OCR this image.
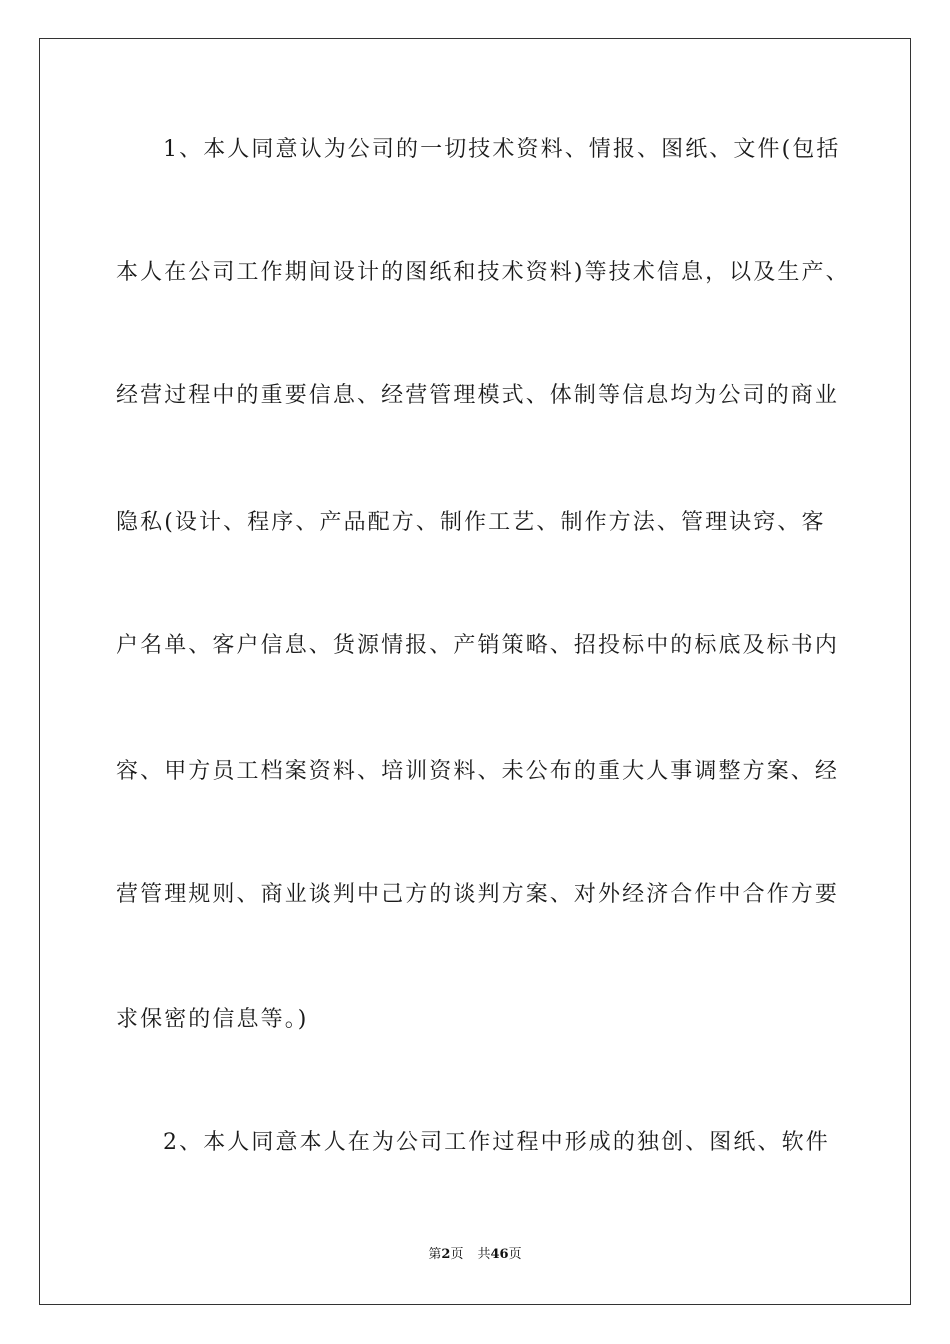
1、本人同意认为公司的一切技术资料、情报、图纸、文件(包括
本人在公司工作期间设计的图纸和技术资料)等技术信息，以及生产、
经营过程中的重要信息、经营管理模式、体制等信息均为公司的商业
隐私(设计、程序、产品配方、制作工艺、制作方法、管理诀窍、客
户名单、客户信息、货源情报、产销策略、招投标中的标底及标书内
容、甲方员工档案资料、培训资料、未公布的重大人事调整方案、经
营管理规则、商业谈判中己方的谈判方案、对外经济合作中合作方要
求保密的信息等。)
2、本人同意本人在为公司工作过程中形成的独创、图纸、软件
第2页 共46页
